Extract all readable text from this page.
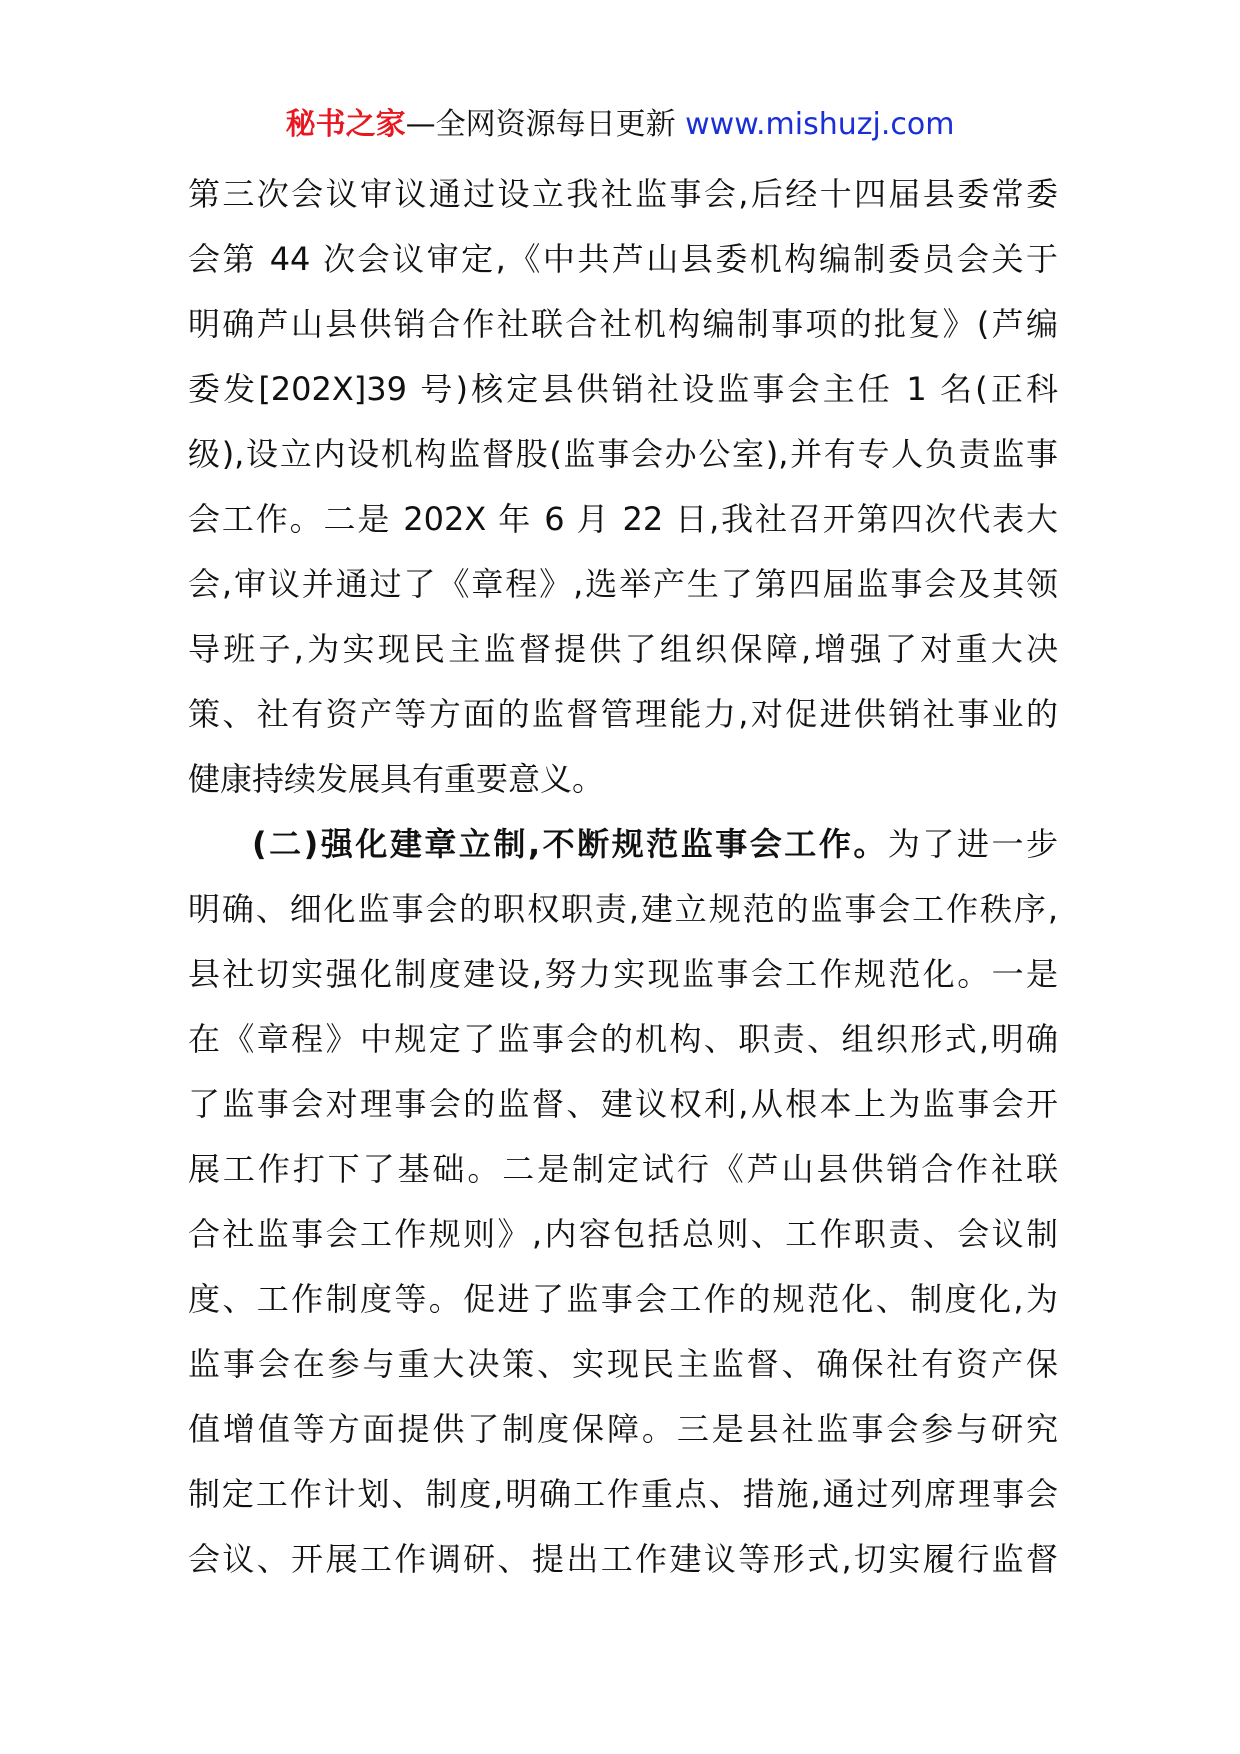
秘书之家—全网资源每日更新 www.mishuzj.com
第三次会议审议通过设立我社监事会,后经十四届县委常委
会第 44 次会议审定,《中共芦山县委机构编制委员会关于
明确芦山县供销合作社联合社机构编制事项的批复》(芦编
委发[202X]39 号)核定县供销社设监事会主任 1 名(正科
级),设立内设机构监督股(监事会办公室),并有专人负责监事
会工作。二是 202X 年 6 月 22 日,我社召开第四次代表大
会,审议并通过了《章程》,选举产生了第四届监事会及其领
导班子,为实现民主监督提供了组织保障,增强了对重大决
策、社有资产等方面的监督管理能力,对促进供销社事业的
健康持续发展具有重要意义。
(二)强化建章立制,不断规范监事会工作。为了进一步
明确、细化监事会的职权职责,建立规范的监事会工作秩序,
县社切实强化制度建设,努力实现监事会工作规范化。一是
在《章程》中规定了监事会的机构、职责、组织形式,明确
了监事会对理事会的监督、建议权利,从根本上为监事会开
展工作打下了基础。二是制定试行《芦山县供销合作社联
合社监事会工作规则》,内容包括总则、工作职责、会议制
度、工作制度等。促进了监事会工作的规范化、制度化,为
监事会在参与重大决策、实现民主监督、确保社有资产保
值增值等方面提供了制度保障。三是县社监事会参与研究
制定工作计划、制度,明确工作重点、措施,通过列席理事会
会议、开展工作调研、提出工作建议等形式,切实履行监督
